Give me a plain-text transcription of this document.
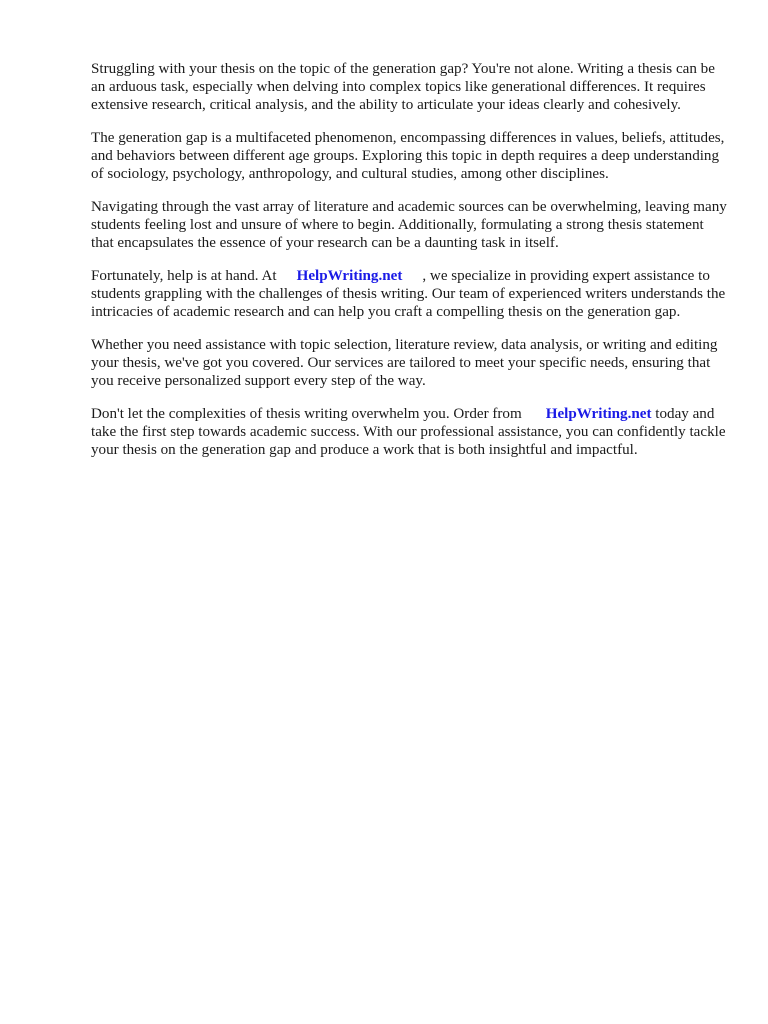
Struggling with your thesis on the topic of the generation gap? You're not alone. Writing a thesis can be an arduous task, especially when delving into complex topics like generational differences. It requires extensive research, critical analysis, and the ability to articulate your ideas clearly and cohesively.

The generation gap is a multifaceted phenomenon, encompassing differences in values, beliefs, attitudes, and behaviors between different age groups. Exploring this topic in depth requires a deep understanding of sociology, psychology, anthropology, and cultural studies, among other disciplines.

Navigating through the vast array of literature and academic sources can be overwhelming, leaving many students feeling lost and unsure of where to begin. Additionally, formulating a strong thesis statement that encapsulates the essence of your research can be a daunting task in itself.

Fortunately, help is at hand. At HelpWriting.net , we specialize in providing expert assistance to students grappling with the challenges of thesis writing. Our team of experienced writers understands the intricacies of academic research and can help you craft a compelling thesis on the generation gap.

Whether you need assistance with topic selection, literature review, data analysis, or writing and editing your thesis, we've got you covered. Our services are tailored to meet your specific needs, ensuring that you receive personalized support every step of the way.

Don't let the complexities of thesis writing overwhelm you. Order from HelpWriting.net today and take the first step towards academic success. With our professional assistance, you can confidently tackle your thesis on the generation gap and produce a work that is both insightful and impactful.
